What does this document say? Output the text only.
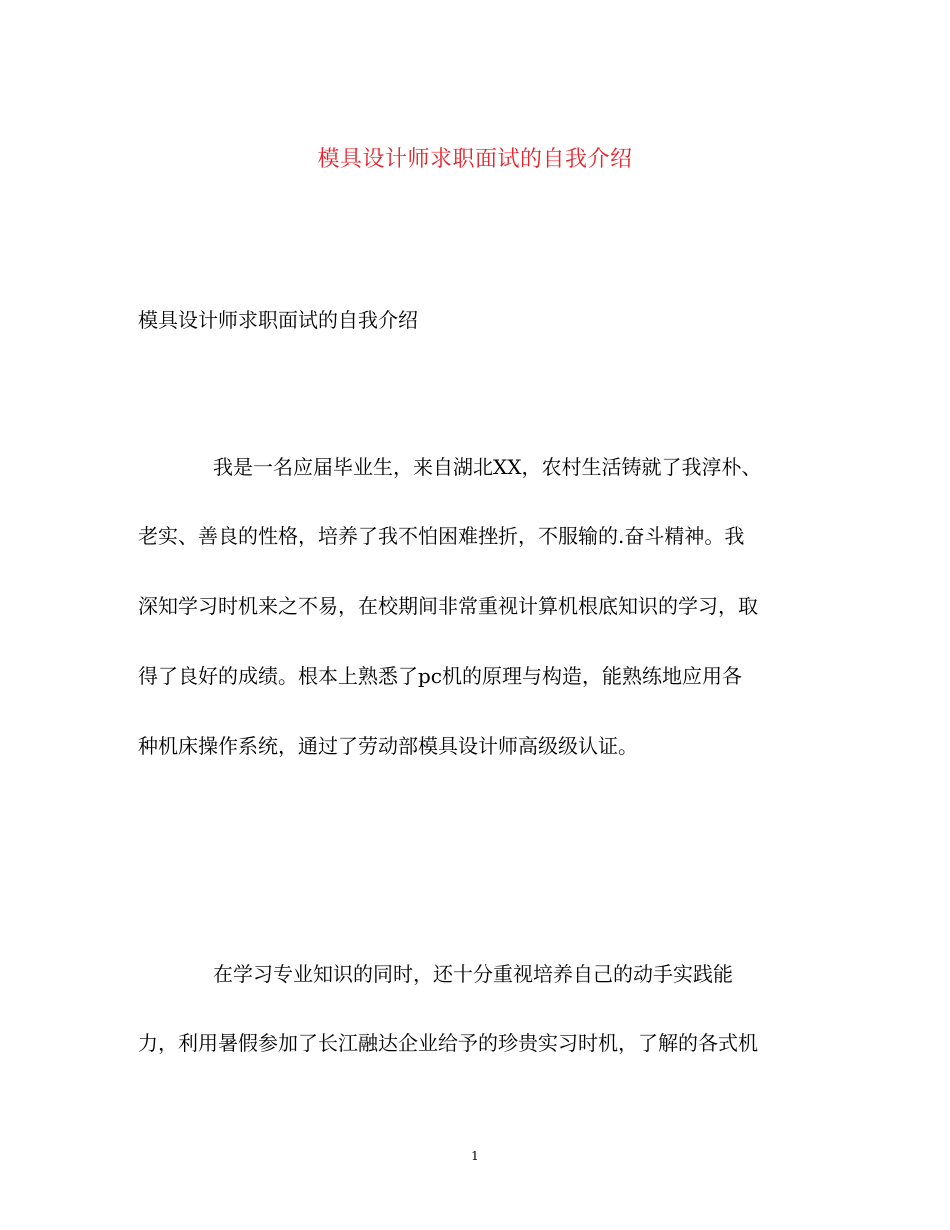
模具设计师求职面试的自我介绍
模具设计师求职面试的自我介绍
我是一名应届毕业生，来自湖北XX，农村生活铸就了我淳朴、
老实、善良的性格，培养了我不怕困难挫折，不服输的.奋斗精神。我
深知学习时机来之不易，在校期间非常重视计算机根底知识的学习，取
得了良好的成绩。根本上熟悉了pc机的原理与构造，能熟练地应用各
种机床操作系统，通过了劳动部模具设计师高级级认证。
在学习专业知识的同时，还十分重视培养自己的动手实践能
力，利用暑假参加了长江融达企业给予的珍贵实习时机，了解的各式机
1
